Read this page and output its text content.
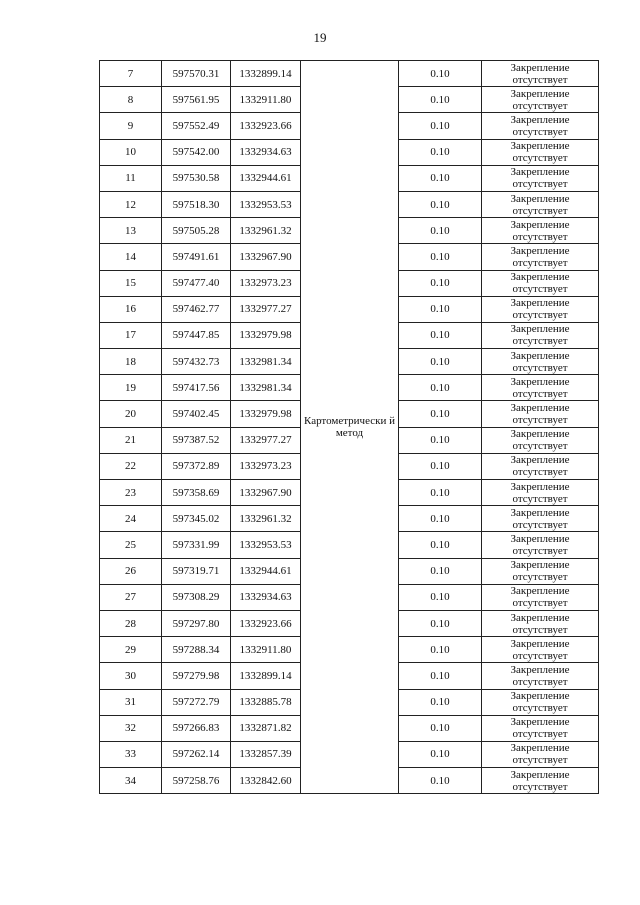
19
7	597570.31	1332899.14	Картометрически й метод	0.10	Закрепление
отсутствует

8	597561.95	1332911.80		0.10	Закрепление
отсутствует

9	597552.49	1332923.66		0.10	Закрепление
отсутствует

10	597542.00	1332934.63		0.10	Закрепление
отсутствует

11	597530.58	1332944.61		0.10	Закрепление
отсутствует

12	597518.30	1332953.53		0.10	Закрепление
отсутствует

13	597505.28	1332961.32		0.10	Закрепление
отсутствует

14	597491.61	1332967.90		0.10	Закрепление
отсутствует

15	597477.40	1332973.23		0.10	Закрепление
отсутствует

16	597462.77	1332977.27		0.10	Закрепление
отсутствует

17	597447.85	1332979.98		0.10	Закрепление
отсутствует

18	597432.73	1332981.34		0.10	Закрепление
отсутствует

19	597417.56	1332981.34		0.10	Закрепление
отсутствует

20	597402.45	1332979.98		0.10	Закрепление
отсутствует

21	597387.52	1332977.27		0.10	Закрепление
отсутствует

22	597372.89	1332973.23		0.10	Закрепление
отсутствует

23	597358.69	1332967.90		0.10	Закрепление
отсутствует

24	597345.02	1332961.32		0.10	Закрепление
отсутствует

25	597331.99	1332953.53		0.10	Закрепление
отсутствует

26	597319.71	1332944.61		0.10	Закрепление
отсутствует

27	597308.29	1332934.63		0.10	Закрепление
отсутствует

28	597297.80	1332923.66		0.10	Закрепление
отсутствует

29	597288.34	1332911.80		0.10	Закрепление
отсутствует

30	597279.98	1332899.14		0.10	Закрепление
отсутствует

31	597272.79	1332885.78		0.10	Закрепление
отсутствует

32	597266.83	1332871.82		0.10	Закрепление
отсутствует

33	597262.14	1332857.39		0.10	Закрепление
отсутствует

34	597258.76	1332842.60		0.10	Закрепление
отсутствует
